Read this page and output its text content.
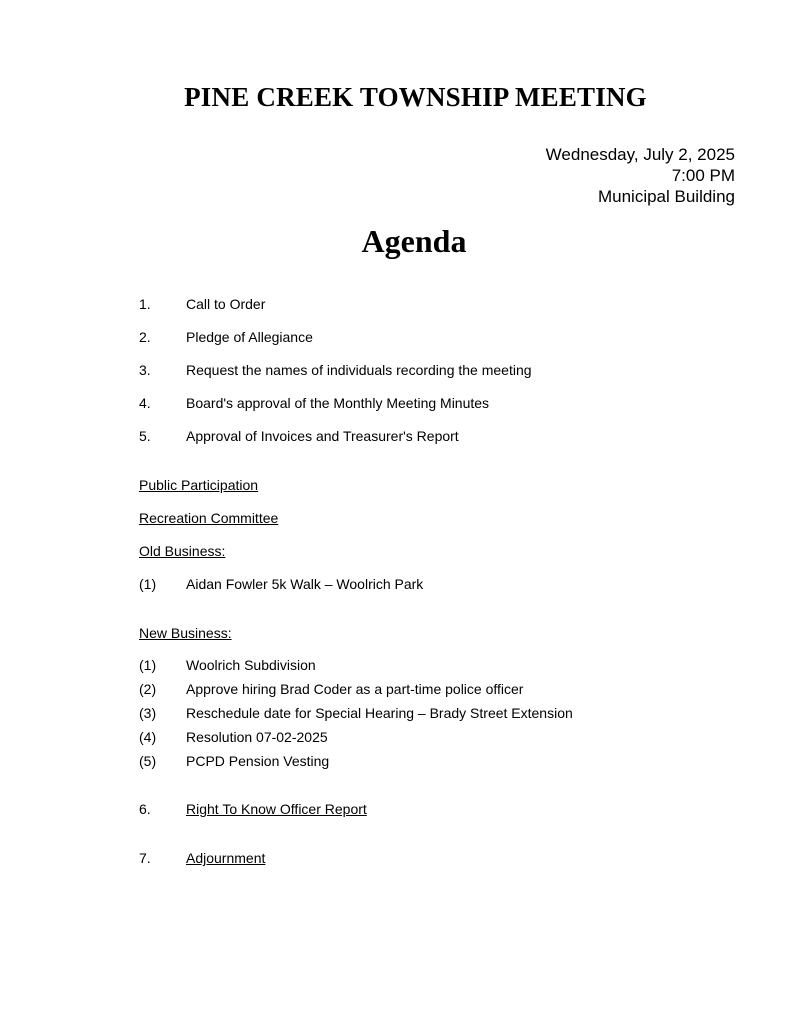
PINE CREEK TOWNSHIP MEETING
Wednesday, July 2, 2025
7:00 PM
Municipal Building
Agenda
1.	Call to Order
2.	Pledge of Allegiance
3.	Request the names of individuals recording the meeting
4.	Board's approval of the Monthly Meeting Minutes
5.	Approval of Invoices and Treasurer's Report
Public Participation
Recreation Committee
Old Business:
(1) Aidan Fowler 5k Walk – Woolrich Park
New Business:
(1) Woolrich Subdivision
(2) Approve hiring Brad Coder as a part-time police officer
(3) Reschedule date for Special Hearing – Brady Street Extension
(4) Resolution 07-02-2025
(5) PCPD Pension Vesting
6.	Right To Know Officer Report
7.	Adjournment
